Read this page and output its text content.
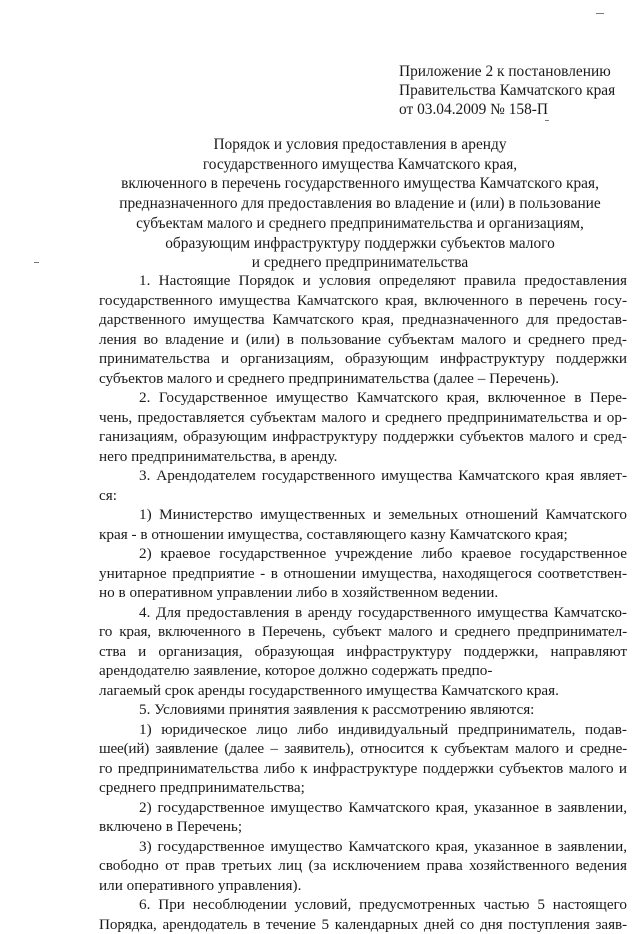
Приложение 2 к постановлению
Правительства Камчатского края
от 03.04.2009 № 158-П
Порядок и условия предоставления в аренду
государственного имущества Камчатского края,
включенного в перечень государственного имущества Камчатского края,
предназначенного для предоставления во владение и (или) в пользование
субъектам малого и среднего предпринимательства и организациям,
образующим инфраструктуру поддержки субъектов малого
и среднего предпринимательства
1. Настоящие Порядок и условия определяют правила предоставления
государственного имущества Камчатского края, включенного в перечень госу-
дарственного имущества Камчатского края, предназначенного для предостав-
ления во владение и (или) в пользование субъектам малого и среднего пред-
принимательства и организациям, образующим инфраструктуру поддержки
субъектов малого и среднего предпринимательства (далее – Перечень).
2. Государственное имущество Камчатского края, включенное в Пере-
чень, предоставляется субъектам малого и среднего предпринимательства и ор-
ганизациям, образующим инфраструктуру поддержки субъектов малого и сред-
него предпринимательства, в аренду.
3. Арендодателем государственного имущества Камчатского края являет-
ся:
1) Министерство имущественных и земельных отношений Камчатского
края - в отношении имущества, составляющего казну Камчатского края;
2) краевое государственное учреждение либо краевое государственное
унитарное предприятие - в отношении имущества, находящегося соответствен-
но в оперативном управлении либо в хозяйственном ведении.
4. Для предоставления в аренду государственного имущества Камчатско-
го края, включенного в Перечень, субъект малого и среднего предпринимател-
ства и организация, образующая инфраструктуру поддержки, направляют арендодателю заявление, которое должно содержать предпо-
лагаемый срок аренды государственного имущества Камчатского края.
5. Условиями принятия заявления к рассмотрению являются:
1) юридическое лицо либо индивидуальный предприниматель, подав-
шее(ий) заявление (далее – заявитель), относится к субъектам малого и средне-
го предпринимательства либо к инфраструктуре поддержки субъектов малого и
среднего предпринимательства;
2) государственное имущество Камчатского края, указанное в заявлении,
включено в Перечень;
3) государственное имущество Камчатского края, указанное в заявлении,
свободно от прав третьих лиц (за исключением права хозяйственного ведения
или оперативного управления).
6. При несоблюдении условий, предусмотренных частью 5 настоящего
Порядка, арендодатель в течение 5 календарных дней со дня поступления заяв-
